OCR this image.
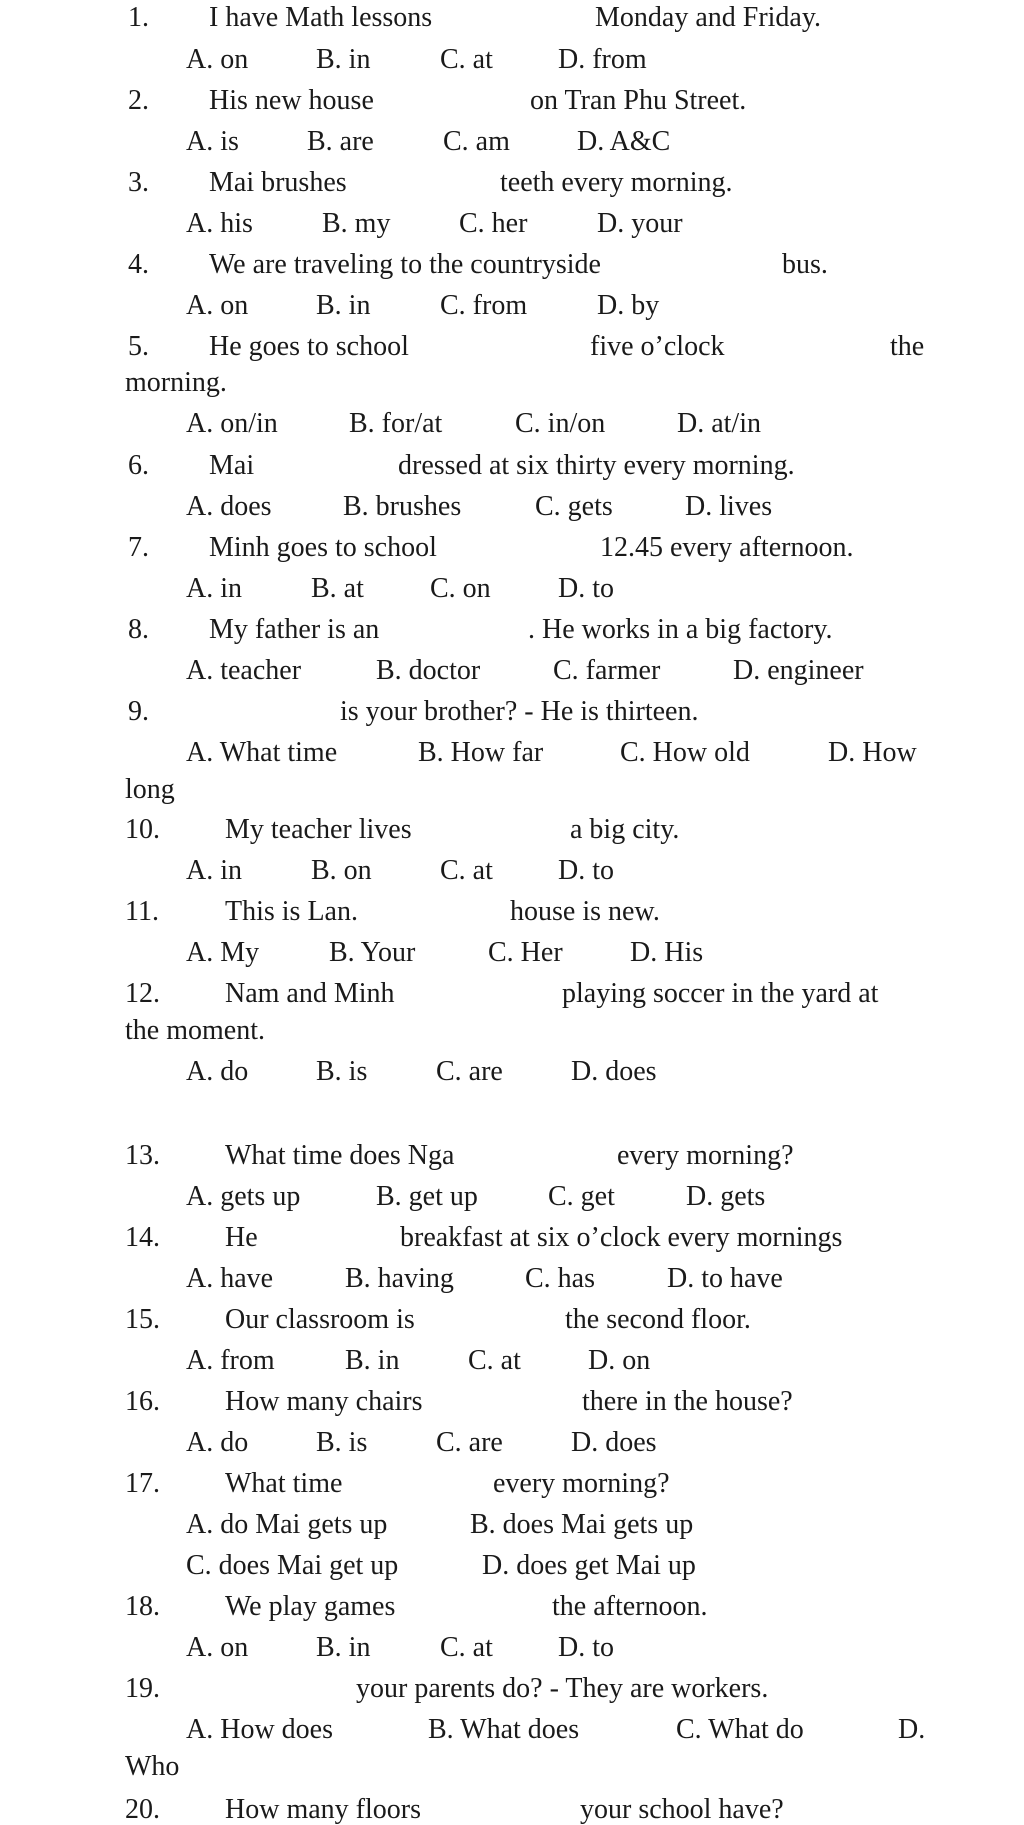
1. I have Math lessons	Monday and Friday.
A. on B. in C. at D. from
2. His new house	on Tran Phu Street.
A. is B. are C. am D. A&C
3. Mai brushes	teeth every morning.
A. his B. my C. her D. your
4. We are traveling to the countryside	bus.
A. on B. in C. from D. by
5. He goes to school	five o’clock	the
morning.
A. on/in	B. for/at	C. in/on	D. at/in
6. Mai	dressed at six thirty every morning.
A. does	B. brushes	C. gets	D. lives
7. Minh goes to school	12.45 every afternoon.
A. in B. at C. on D. to
8. My father is an	. He works in a big factory.
A. teacher	B. doctor	C. farmer	D. engineer
9.	is your brother? - He is thirteen.
A. What time	B. How far	C. How old	D. How
long
10. My teacher lives	a big city.
A. in B. on C. at D. to
11. This is Lan.	house is new.
A. My B. Your	C. Her D. His
12. Nam and Minh	playing soccer in the yard at
the moment.
A. do B. is C. are D. does
13. What time does Nga	every morning?
A. gets up	B. get up	C. get	D. gets
14. He	breakfast at six o’clock every mornings
A. have	B. having	C. has	D. to have
15. Our classroom is	the second floor.
A. from	B. in C. at D. on
16. How many chairs	there in the house?
A. do B. is C. are D. does
17. What time	every morning?
A. do Mai gets up	B. does Mai gets up
C. does Mai get up	D. does get Mai up
18. We play games	the afternoon.
A. on B. in C. at D. to
19.	your parents do? - They are workers.
A. How does	B. What does	C. What do	D.
Who
20. How many floors	your school have?
